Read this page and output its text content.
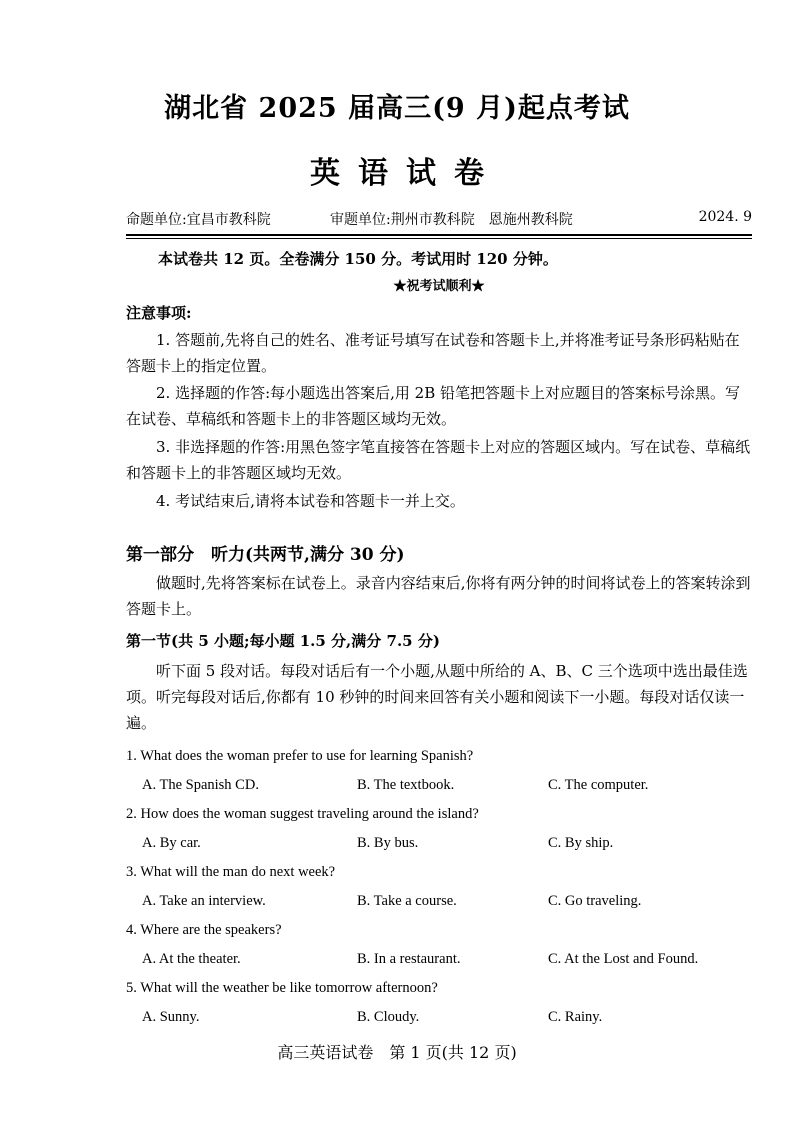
湖北省 2025 届高三(9 月)起点考试
英语试卷
命题单位:宜昌市教科院	审题单位:荆州市教科院　恩施州教科院	2024. 9
本试卷共 12 页。全卷满分 150 分。考试用时 120 分钟。
★祝考试顺利★
注意事项:
1. 答题前,先将自己的姓名、准考证号填写在试卷和答题卡上,并将准考证号条形码粘贴在答题卡上的指定位置。
2. 选择题的作答:每小题选出答案后,用 2B 铅笔把答题卡上对应题目的答案标号涂黑。写在试卷、草稿纸和答题卡上的非答题区域均无效。
3. 非选择题的作答:用黑色签字笔直接答在答题卡上对应的答题区域内。写在试卷、草稿纸和答题卡上的非答题区域均无效。
4. 考试结束后,请将本试卷和答题卡一并上交。
第一部分　听力(共两节,满分 30 分)
做题时,先将答案标在试卷上。录音内容结束后,你将有两分钟的时间将试卷上的答案转涂到答题卡上。
第一节(共 5 小题;每小题 1.5 分,满分 7.5 分)
听下面 5 段对话。每段对话后有一个小题,从题中所给的 A、B、C 三个选项中选出最佳选项。听完每段对话后,你都有 10 秒钟的时间来回答有关小题和阅读下一小题。每段对话仅读一遍。
1. What does the woman prefer to use for learning Spanish?
A. The Spanish CD.	B. The textbook.	C. The computer.
2. How does the woman suggest traveling around the island?
A. By car.	B. By bus.	C. By ship.
3. What will the man do next week?
A. Take an interview.	B. Take a course.	C. Go traveling.
4. Where are the speakers?
A. At the theater.	B. In a restaurant.	C. At the Lost and Found.
5. What will the weather be like tomorrow afternoon?
A. Sunny.	B. Cloudy.	C. Rainy.
高三英语试卷　第 1 页(共 12 页)
